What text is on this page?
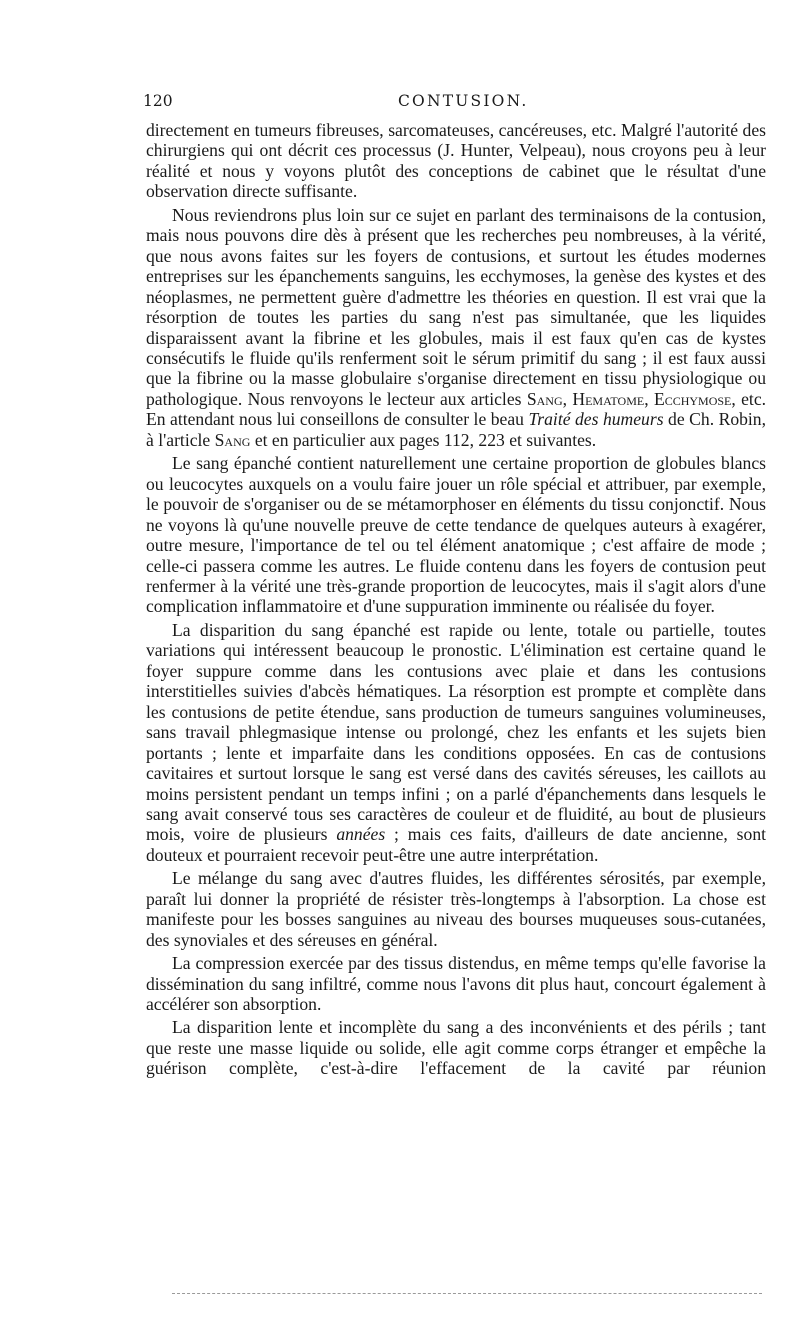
120	CONTUSION.

directement en tumeurs fibreuses, sarcomateuses, cancéreuses, etc. Malgré l'autorité des chirurgiens qui ont décrit ces processus (J. Hunter, Velpeau), nous croyons peu à leur réalité et nous y voyons plutôt des conceptions de cabinet que le résultat d'une observation directe suffisante.

Nous reviendrons plus loin sur ce sujet en parlant des terminaisons de la contusion, mais nous pouvons dire dès à présent que les recherches peu nombreuses, à la vérité, que nous avons faites sur les foyers de contusions, et surtout les études modernes entreprises sur les épanchements sanguins, les ecchymoses, la genèse des kystes et des néoplasmes, ne permettent guère d'admettre les théories en question. Il est vrai que la résorption de toutes les parties du sang n'est pas simultanée, que les liquides disparaissent avant la fibrine et les globules, mais il est faux qu'en cas de kystes consécutifs le fluide qu'ils renferment soit le sérum primitif du sang ; il est faux aussi que la fibrine ou la masse globulaire s'organise directement en tissu physiologique ou pathologique. Nous renvoyons le lecteur aux articles Sang, Hematome, Ecchymose, etc. En attendant nous lui conseillons de consulter le beau Traité des humeurs de Ch. Robin, à l'article Sang et en particulier aux pages 112, 223 et suivantes.

Le sang épanché contient naturellement une certaine proportion de globules blancs ou leucocytes auxquels on a voulu faire jouer un rôle spécial et attribuer, par exemple, le pouvoir de s'organiser ou de se métamorphoser en éléments du tissu conjonctif. Nous ne voyons là qu'une nouvelle preuve de cette tendance de quelques auteurs à exagérer, outre mesure, l'importance de tel ou tel élément anatomique ; c'est affaire de mode ; celle-ci passera comme les autres. Le fluide contenu dans les foyers de contusion peut renfermer à la vérité une très-grande proportion de leucocytes, mais il s'agit alors d'une complication inflammatoire et d'une suppuration imminente ou réalisée du foyer.

La disparition du sang épanché est rapide ou lente, totale ou partielle, toutes variations qui intéressent beaucoup le pronostic. L'élimination est certaine quand le foyer suppure comme dans les contusions avec plaie et dans les contusions interstitielles suivies d'abcès hématiques. La résorption est prompte et complète dans les contusions de petite étendue, sans production de tumeurs sanguines volumineuses, sans travail phlegmasique intense ou prolongé, chez les enfants et les sujets bien portants ; lente et imparfaite dans les conditions opposées. En cas de contusions cavitaires et surtout lorsque le sang est versé dans des cavités séreuses, les caillots au moins persistent pendant un temps infini ; on a parlé d'épanchements dans lesquels le sang avait conservé tous ses caractères de couleur et de fluidité, au bout de plusieurs mois, voire de plusieurs années ; mais ces faits, d'ailleurs de date ancienne, sont douteux et pourraient recevoir peut-être une autre interprétation.

Le mélange du sang avec d'autres fluides, les différentes sérosités, par exemple, paraît lui donner la propriété de résister très-longtemps à l'absorption. La chose est manifeste pour les bosses sanguines au niveau des bourses muqueuses sous-cutanées, des synoviales et des séreuses en général.

La compression exercée par des tissus distendus, en même temps qu'elle favorise la dissémination du sang infiltré, comme nous l'avons dit plus haut, concourt également à accélérer son absorption.

La disparition lente et incomplète du sang a des inconvénients et des périls ; tant que reste une masse liquide ou solide, elle agit comme corps étranger et empêche la guérison complète, c'est-à-dire l'effacement de la cavité par réunion
